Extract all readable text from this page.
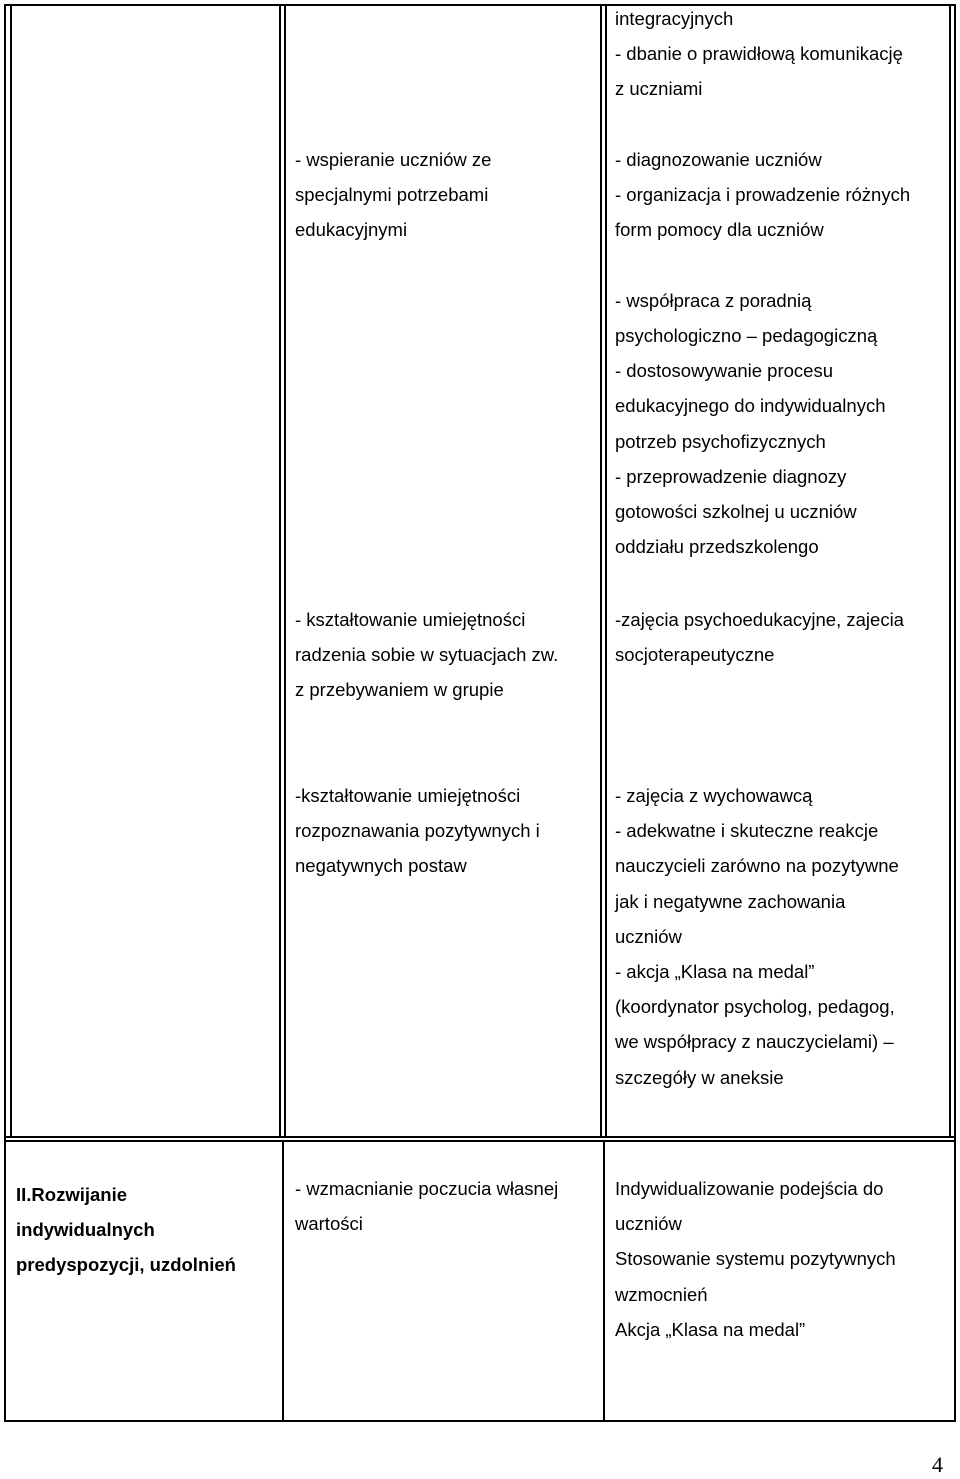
integracyjnych
- dbanie o prawidłową komunikację
z uczniami
- wspieranie uczniów ze
specjalnymi potrzebami
edukacyjnymi
- diagnozowanie uczniów
- organizacja i prowadzenie różnych
form pomocy dla uczniów
- współpraca z poradnią
psychologiczno – pedagogiczną
- dostosowywanie procesu
edukacyjnego do indywidualnych
potrzeb psychofizycznych
- przeprowadzenie diagnozy
gotowości szkolnej u uczniów
oddziału przedszkolengo
- kształtowanie umiejętności
radzenia sobie w sytuacjach zw.
z przebywaniem w grupie
-zajęcia psychoedukacyjne, zajecia
socjoterapeutyczne
-kształtowanie umiejętności
rozpoznawania pozytywnych i
negatywnych postaw
- zajęcia z wychowawcą
- adekwatne i skuteczne reakcje
nauczycieli zarówno na pozytywne
jak i negatywne zachowania
uczniów
- akcja „Klasa na medal”
(koordynator psycholog, pedagog,
we współpracy z nauczycielami) –
szczegóły w aneksie
II.Rozwijanie
indywidualnych
predyspozycji, uzdolnień
- wzmacnianie poczucia własnej
wartości
Indywidualizowanie podejścia do
uczniów
Stosowanie systemu pozytywnych
wzmocnień
Akcja „Klasa na medal”
4
